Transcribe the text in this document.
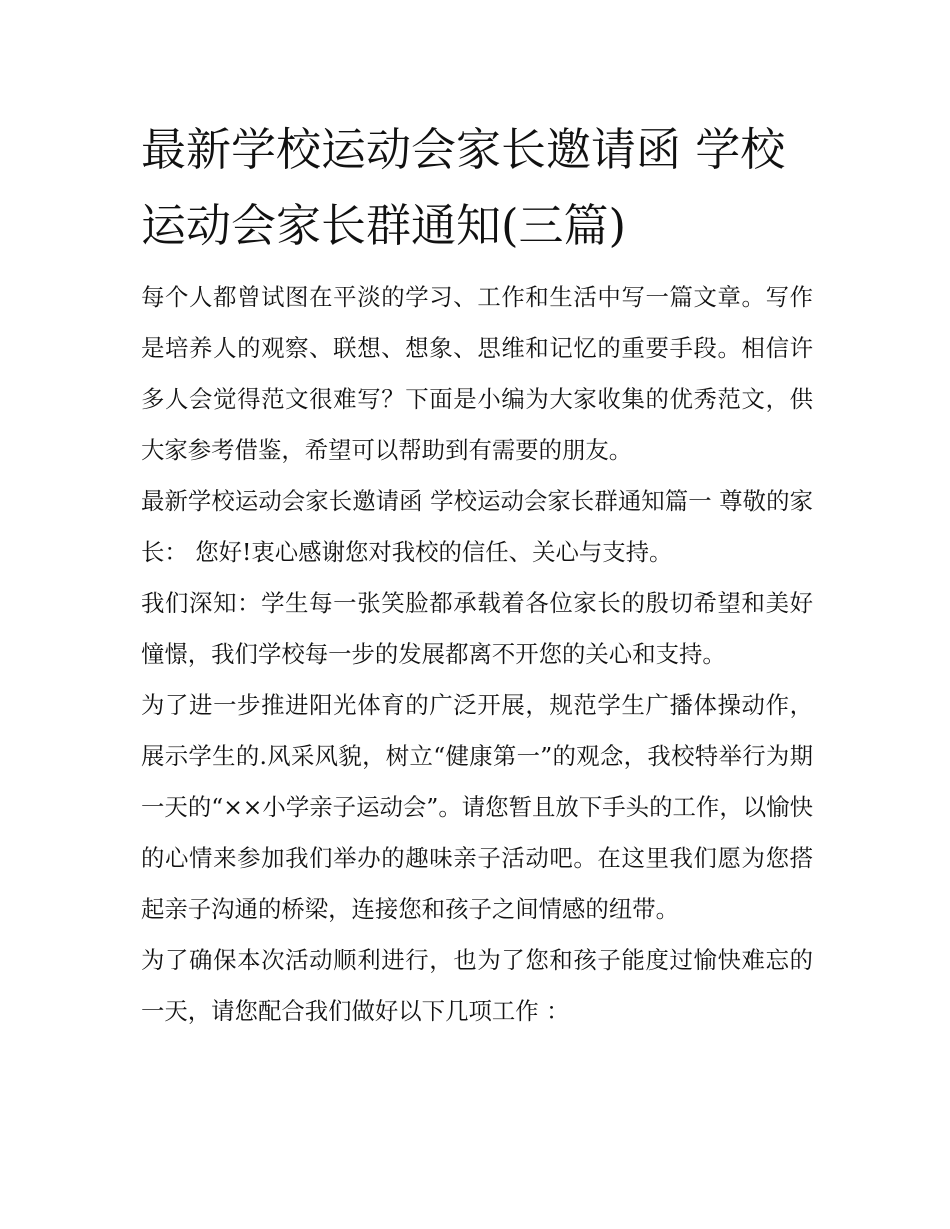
最新学校运动会家长邀请函 学校运动会家长群通知(三篇)

每个人都曾试图在平淡的学习、工作和生活中写一篇文章。写作是培养人的观察、联想、想象、思维和记忆的重要手段。相信许多人会觉得范文很难写？下面是小编为大家收集的优秀范文，供大家参考借鉴，希望可以帮助到有需要的朋友。

最新学校运动会家长邀请函 学校运动会家长群通知篇一 尊敬的家长： 您好!衷心感谢您对我校的信任、关心与支持。

我们深知：学生每一张笑脸都承载着各位家长的殷切希望和美好憧憬，我们学校每一步的发展都离不开您的关心和支持。

为了进一步推进阳光体育的广泛开展，规范学生广播体操动作，展示学生的.风采风貌，树立“健康第一”的观念，我校特举行为期一天的“××小学亲子运动会”。请您暂且放下手头的工作，以愉快的心情来参加我们举办的趣味亲子活动吧。在这里我们愿为您搭起亲子沟通的桥梁，连接您和孩子之间情感的纽带。

为了确保本次活动顺利进行，也为了您和孩子能度过愉快难忘的一天，请您配合我们做好以下几项工作 ：
